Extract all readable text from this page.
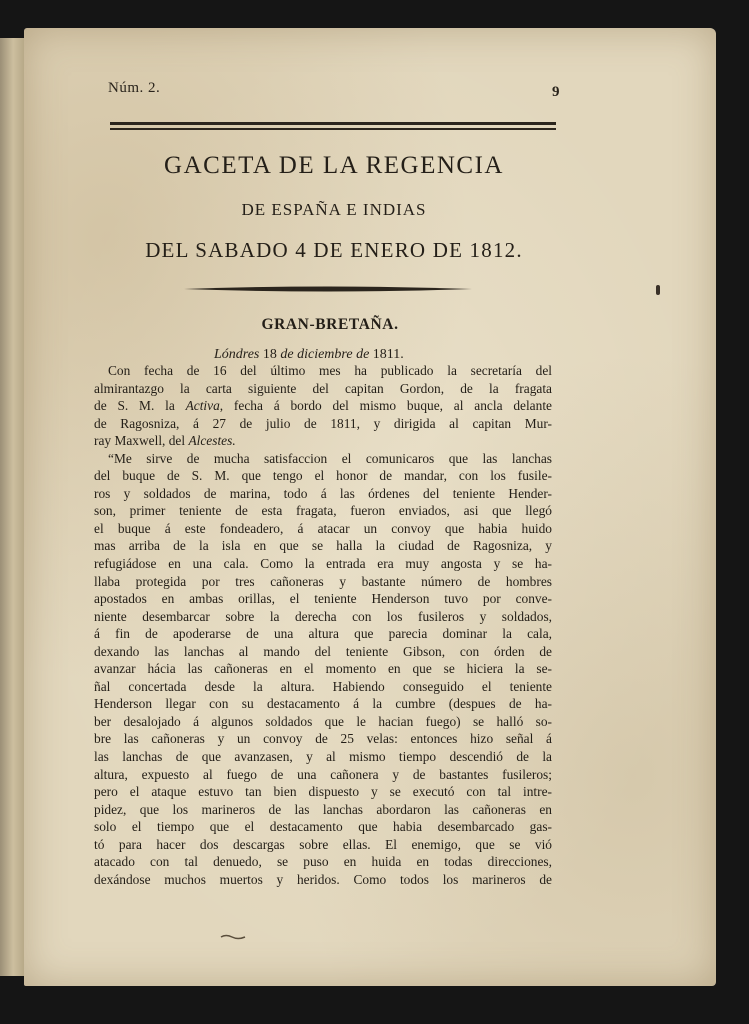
Núm. 2.	9
GACETA DE LA REGENCIA
DE ESPAÑA E INDIAS
DEL SABADO 4 DE ENERO DE 1812.
GRAN-BRETAÑA.
Lóndres 18 de diciembre de 1811.
Con fecha de 16 del último mes ha publicado la secretaría del
almirantazgo la carta siguiente del capitan Gordon, de la fragata
de S. M. la Activa, fecha á bordo del mismo buque, al ancla delante
de Ragosniza, á 27 de julio de 1811, y dirigida al capitan Mur-
ray Maxwell, del Alcestes.
“Me sirve de mucha satisfaccion el comunicaros que las lanchas
del buque de S. M. que tengo el honor de mandar, con los fusile-
ros y soldados de marina, todo á las órdenes del teniente Hender-
son, primer teniente de esta fragata, fueron enviados, asi que llegó
el buque á este fondeadero, á atacar un convoy que habia huido
mas arriba de la isla en que se halla la ciudad de Ragosniza, y
refugiádose en una cala. Como la entrada era muy angosta y se ha-
llaba protegida por tres cañoneras y bastante número de hombres
apostados en ambas orillas, el teniente Henderson tuvo por conve-
niente desembarcar sobre la derecha con los fusileros y soldados,
á fin de apoderarse de una altura que parecia dominar la cala,
dexando las lanchas al mando del teniente Gibson, con órden de
avanzar hácia las cañoneras en el momento en que se hiciera la se-
ñal concertada desde la altura. Habiendo conseguido el teniente
Henderson llegar con su destacamento á la cumbre (despues de ha-
ber desalojado á algunos soldados que le hacian fuego) se halló so-
bre las cañoneras y un convoy de 25 velas: entonces hizo señal á
las lanchas de que avanzasen, y al mismo tiempo descendió de la
altura, expuesto al fuego de una cañonera y de bastantes fusileros;
pero el ataque estuvo tan bien dispuesto y se executó con tal intre-
pidez, que los marineros de las lanchas abordaron las cañoneras en
solo el tiempo que el destacamento que habia desembarcado gas-
tó para hacer dos descargas sobre ellas. El enemigo, que se vió
atacado con tal denuedo, se puso en huida en todas direcciones,
dexándose muchos muertos y heridos. Como todos los marineros de
